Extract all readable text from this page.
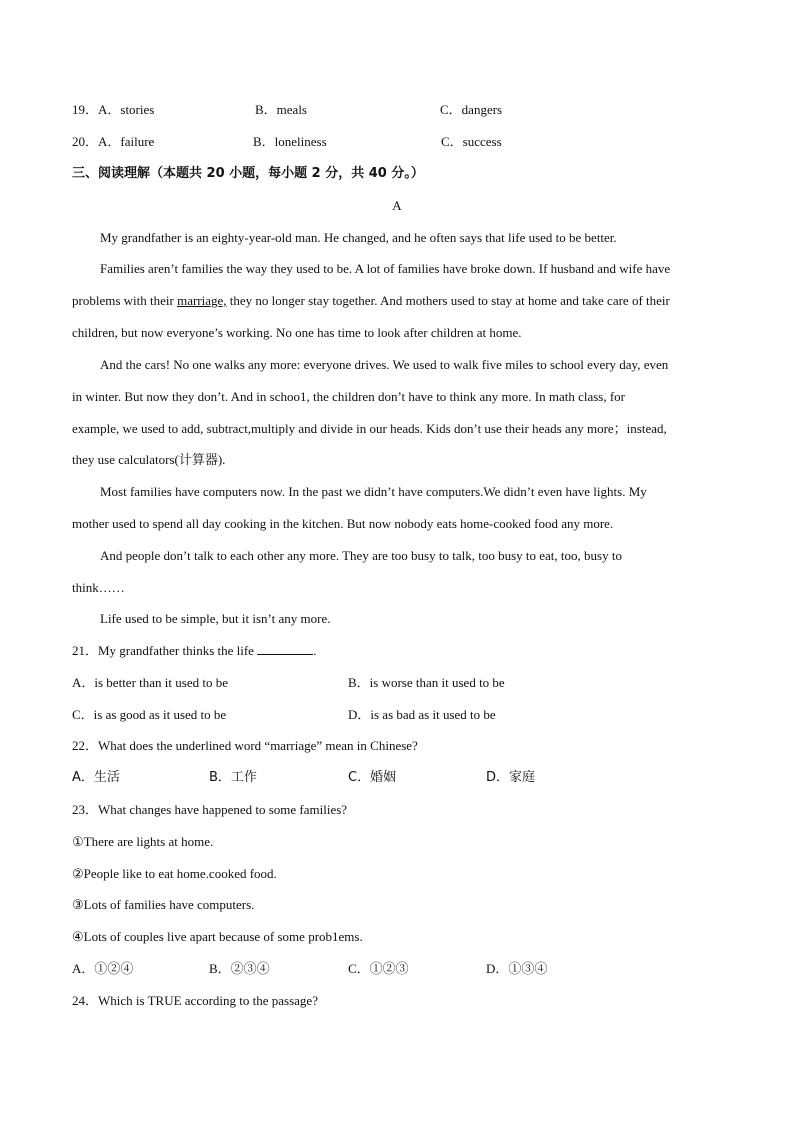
19．A．stories	B．meals	C．dangers
20．A．failure	B．loneliness	C．success
三、阅读理解（本题共 20 小题，每小题 2 分，共 40 分。）
A
My grandfather is an eighty-year-old man. He changed, and he often says that life used to be better.
Families aren’t families the way they used to be. A lot of families have broke down. If husband and wife have
problems with their marriage, they no longer stay together. And mothers used to stay at home and take care of their
children, but now everyone’s working. No one has time to look after children at home.
And the cars! No one walks any more: everyone drives. We used to walk five miles to school every day, even
in winter. But now they don’t. And in schoo1, the children don’t have to think any more. In math class, for
example, we used to add, subtract,multiply and divide in our heads. Kids don’t use their heads any more；instead,
they use calculators(计算器).
Most families have computers now. In the past we didn’t have computers.We didn’t even have lights. My
mother used to spend all day cooking in the kitchen. But now nobody eats home-cooked food any more.
And people don’t talk to each other any more. They are too busy to talk, too busy to eat, too, busy to
think……
Life used to be simple, but it isn’t any more.
21．My grandfather thinks the life	.
A．is better than it used to be	B．is worse than it used to be
C．is as good as it used to be	D．is as bad as it used to be
22．What does the underlined word “marriage” mean in Chinese?
A．生活	B．工作	C．婚姻	D．家庭
23．What changes have happened to some families?
①There are lights at home.
②People like to eat home.cooked food.
③Lots of families have computers.
④Lots of couples live apart because of some prob1ems.
A．①②④	B．②③④	C．①②③	D．①③④
24．Which is TRUE according to the passage?
